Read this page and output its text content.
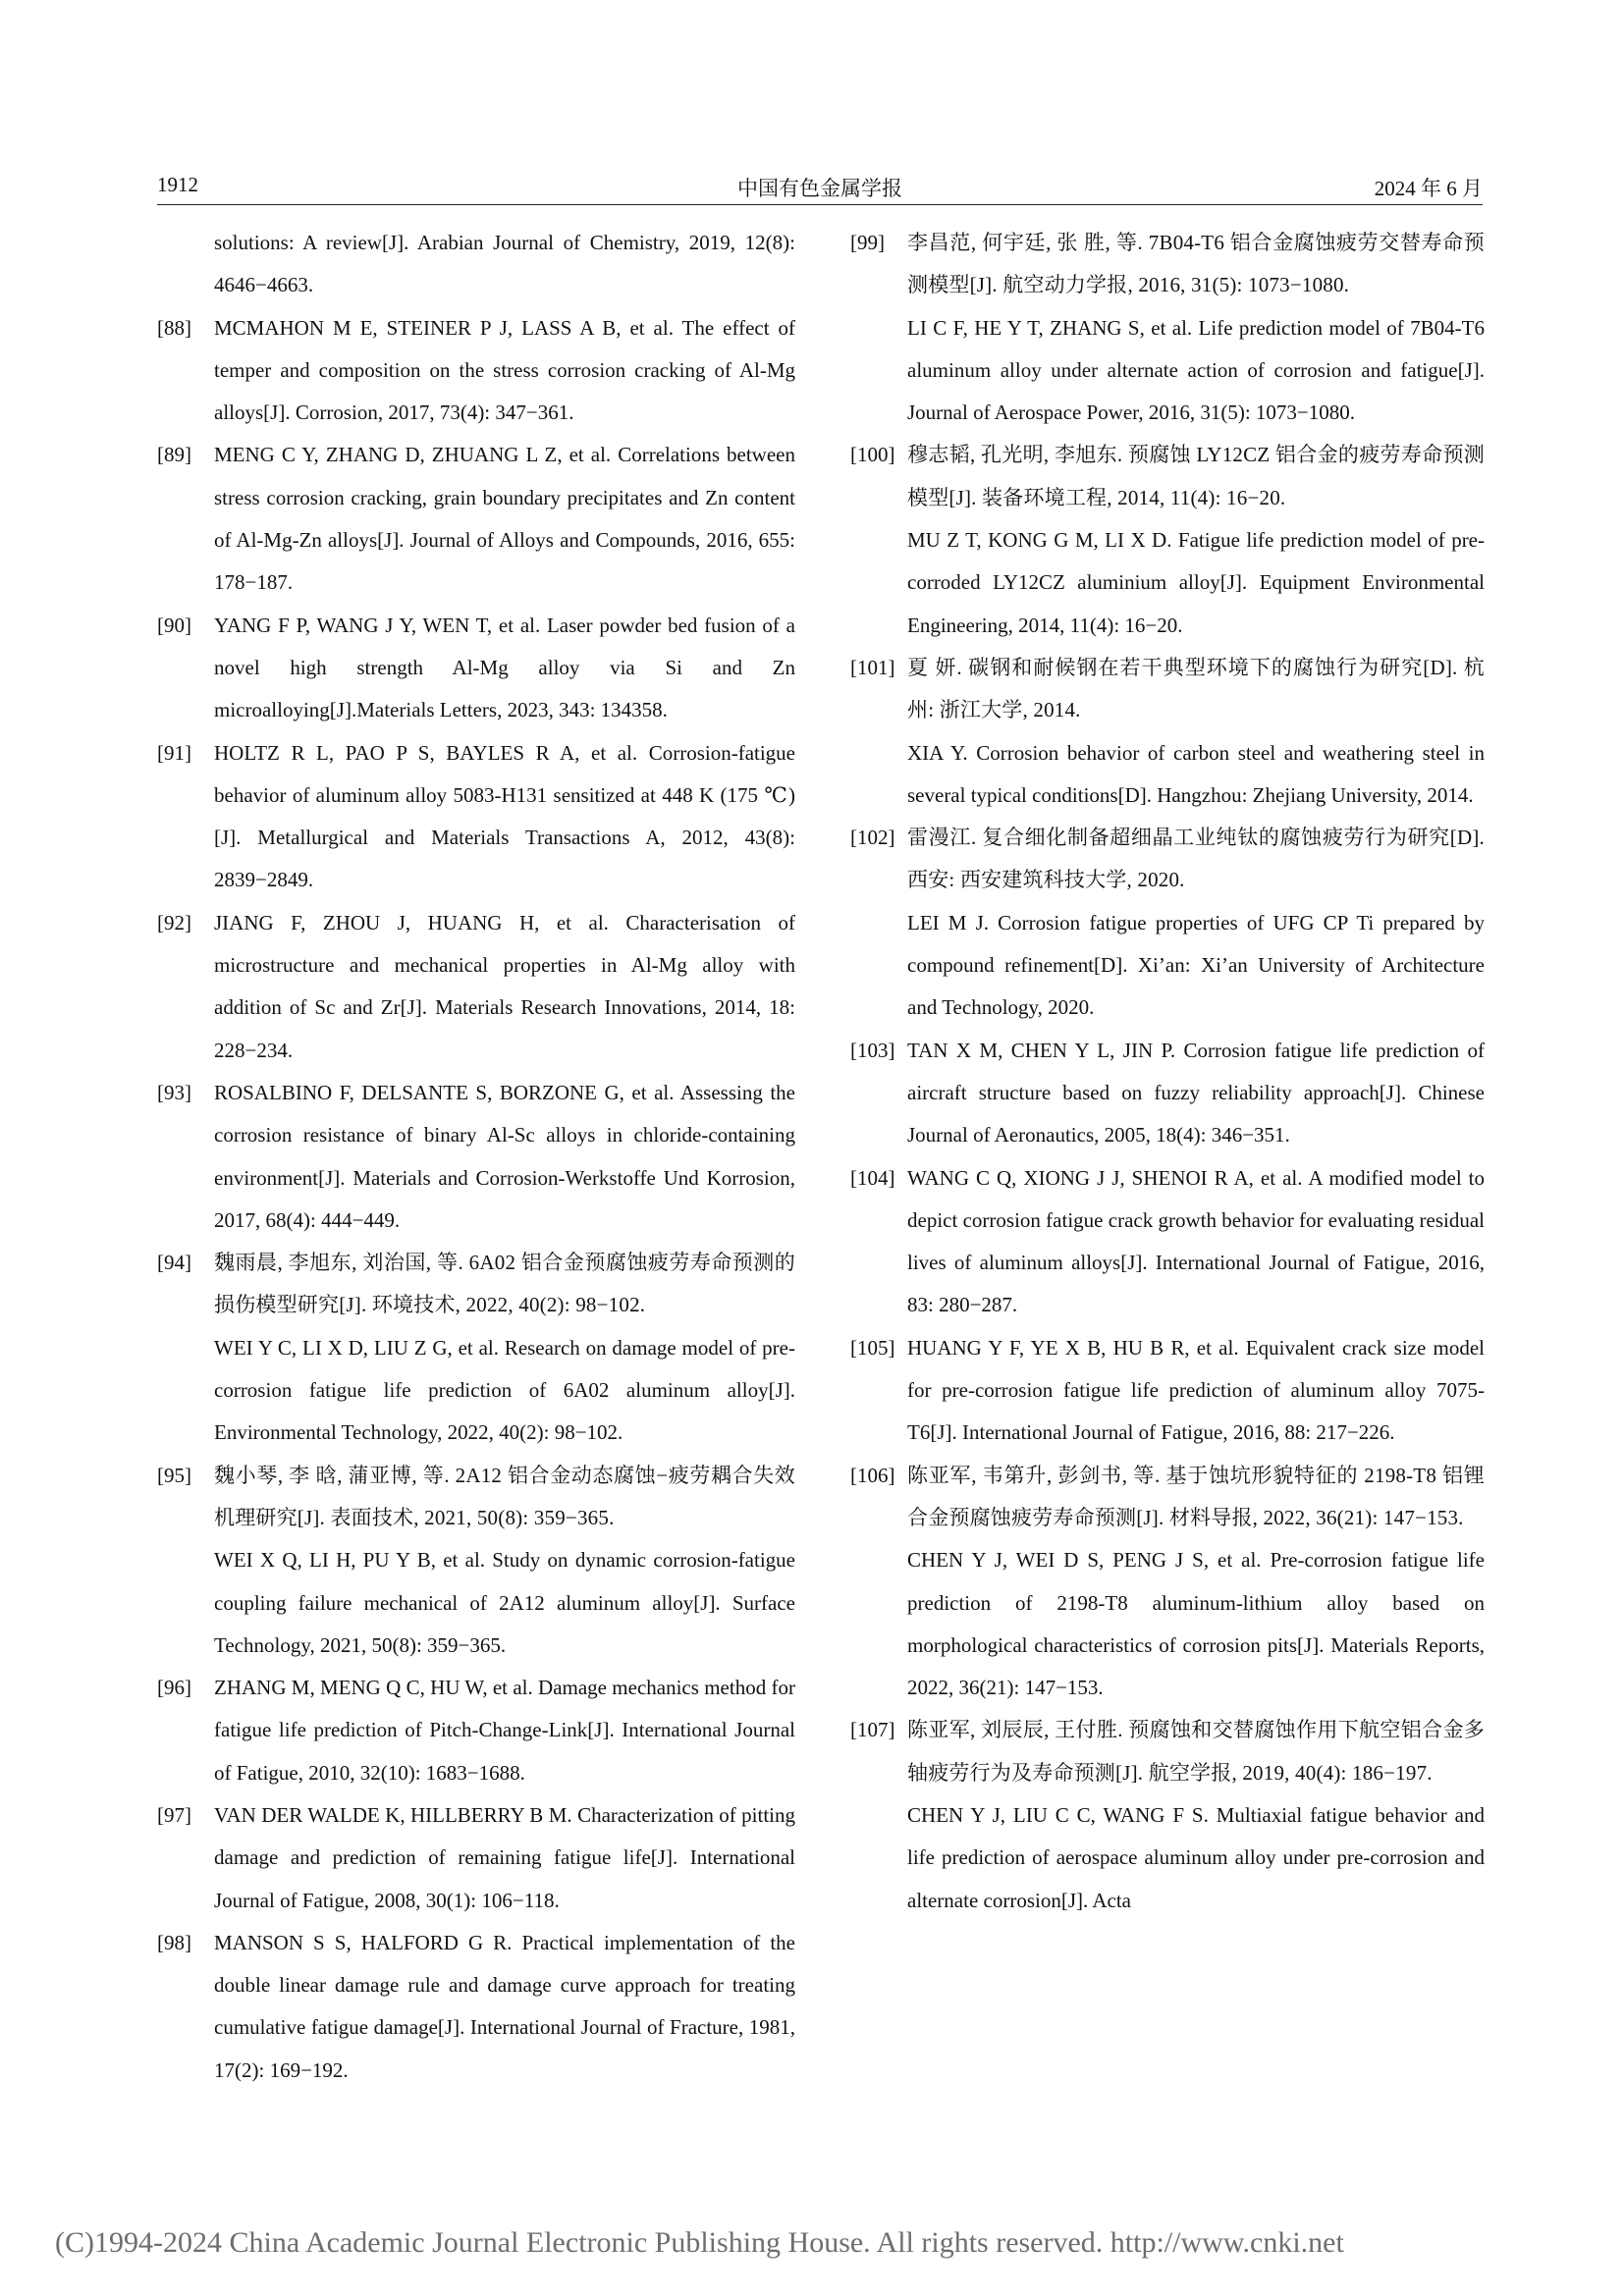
1912	中国有色金属学报	2024 年 6 月

solutions: A review[J]. Arabian Journal of Chemistry, 2019, 12(8): 4646−4663.

[88] MCMAHON M E, STEINER P J, LASS A B, et al. The effect of temper and composition on the stress corrosion cracking of Al-Mg alloys[J]. Corrosion, 2017, 73(4): 347−361.

[89] MENG C Y, ZHANG D, ZHUANG L Z, et al. Correlations between stress corrosion cracking, grain boundary precipitates and Zn content of Al-Mg-Zn alloys[J]. Journal of Alloys and Compounds, 2016, 655: 178−187.

[90] YANG F P, WANG J Y, WEN T, et al. Laser powder bed fusion of a novel high strength Al-Mg alloy via Si and Zn microalloying[J].Materials Letters, 2023, 343: 134358.

[91] HOLTZ R L, PAO P S, BAYLES R A, et al. Corrosion-fatigue behavior of aluminum alloy 5083-H131 sensitized at 448 K (175 ℃)[J]. Metallurgical and Materials Transactions A, 2012, 43(8): 2839−2849.

[92] JIANG F, ZHOU J, HUANG H, et al. Characterisation of microstructure and mechanical properties in Al-Mg alloy with addition of Sc and Zr[J]. Materials Research Innovations, 2014, 18: 228−234.

[93] ROSALBINO F, DELSANTE S, BORZONE G, et al. Assessing the corrosion resistance of binary Al-Sc alloys in chloride-containing environment[J]. Materials and Corrosion-Werkstoffe Und Korrosion, 2017, 68(4): 444−449.

[94] 魏雨晨, 李旭东, 刘治国, 等. 6A02 铝合金预腐蚀疲劳寿命预测的损伤模型研究[J]. 环境技术, 2022, 40(2): 98−102.

WEI Y C, LI X D, LIU Z G, et al. Research on damage model of pre-corrosion fatigue life prediction of 6A02 aluminum alloy[J]. Environmental Technology, 2022, 40(2): 98−102.

[95] 魏小琴, 李 晗, 蒲亚博, 等. 2A12 铝合金动态腐蚀−疲劳耦合失效机理研究[J]. 表面技术, 2021, 50(8): 359−365.

WEI X Q, LI H, PU Y B, et al. Study on dynamic corrosion-fatigue coupling failure mechanical of 2A12 aluminum alloy[J]. Surface Technology, 2021, 50(8): 359−365.

[96] ZHANG M, MENG Q C, HU W, et al. Damage mechanics method for fatigue life prediction of Pitch-Change-Link[J]. International Journal of Fatigue, 2010, 32(10): 1683−1688.

[97] VAN DER WALDE K, HILLBERRY B M. Characterization of pitting damage and prediction of remaining fatigue life[J]. International Journal of Fatigue, 2008, 30(1): 106−118.

[98] MANSON S S, HALFORD G R. Practical implementation of the double linear damage rule and damage curve approach for treating cumulative fatigue damage[J]. International Journal of Fracture, 1981, 17(2): 169−192.

[99] 李昌范, 何宇廷, 张 胜, 等. 7B04-T6 铝合金腐蚀疲劳交替寿命预测模型[J]. 航空动力学报, 2016, 31(5): 1073−1080.

LI C F, HE Y T, ZHANG S, et al. Life prediction model of 7B04-T6 aluminum alloy under alternate action of corrosion and fatigue[J]. Journal of Aerospace Power, 2016, 31(5): 1073−1080.

[100] 穆志韬, 孔光明, 李旭东. 预腐蚀 LY12CZ 铝合金的疲劳寿命预测模型[J]. 装备环境工程, 2014, 11(4): 16−20.

MU Z T, KONG G M, LI X D. Fatigue life prediction model of pre-corroded LY12CZ aluminium alloy[J]. Equipment Environmental Engineering, 2014, 11(4): 16−20.

[101] 夏 妍. 碳钢和耐候钢在若干典型环境下的腐蚀行为研究[D]. 杭州: 浙江大学, 2014.

XIA Y. Corrosion behavior of carbon steel and weathering steel in several typical conditions[D]. Hangzhou: Zhejiang University, 2014.

[102] 雷漫江. 复合细化制备超细晶工业纯钛的腐蚀疲劳行为研究[D]. 西安: 西安建筑科技大学, 2020.

LEI M J. Corrosion fatigue properties of UFG CP Ti prepared by compound refinement[D]. Xi’an: Xi’an University of Architecture and Technology, 2020.

[103] TAN X M, CHEN Y L, JIN P. Corrosion fatigue life prediction of aircraft structure based on fuzzy reliability approach[J]. Chinese Journal of Aeronautics, 2005, 18(4): 346−351.

[104] WANG C Q, XIONG J J, SHENOI R A, et al. A modified model to depict corrosion fatigue crack growth behavior for evaluating residual lives of aluminum alloys[J]. International Journal of Fatigue, 2016, 83: 280−287.

[105] HUANG Y F, YE X B, HU B R, et al. Equivalent crack size model for pre-corrosion fatigue life prediction of aluminum alloy 7075-T6[J]. International Journal of Fatigue, 2016, 88: 217−226.

[106] 陈亚军, 韦第升, 彭剑书, 等. 基于蚀坑形貌特征的 2198-T8 铝锂合金预腐蚀疲劳寿命预测[J]. 材料导报, 2022, 36(21): 147−153.

CHEN Y J, WEI D S, PENG J S, et al. Pre-corrosion fatigue life prediction of 2198-T8 aluminum-lithium alloy based on morphological characteristics of corrosion pits[J]. Materials Reports, 2022, 36(21): 147−153.

[107] 陈亚军, 刘辰辰, 王付胜. 预腐蚀和交替腐蚀作用下航空铝合金多轴疲劳行为及寿命预测[J]. 航空学报, 2019, 40(4): 186−197.

CHEN Y J, LIU C C, WANG F S. Multiaxial fatigue behavior and life prediction of aerospace aluminum alloy under pre-corrosion and alternate corrosion[J]. Acta

(C)1994-2024 China Academic Journal Electronic Publishing House. All rights reserved. http://www.cnki.net
